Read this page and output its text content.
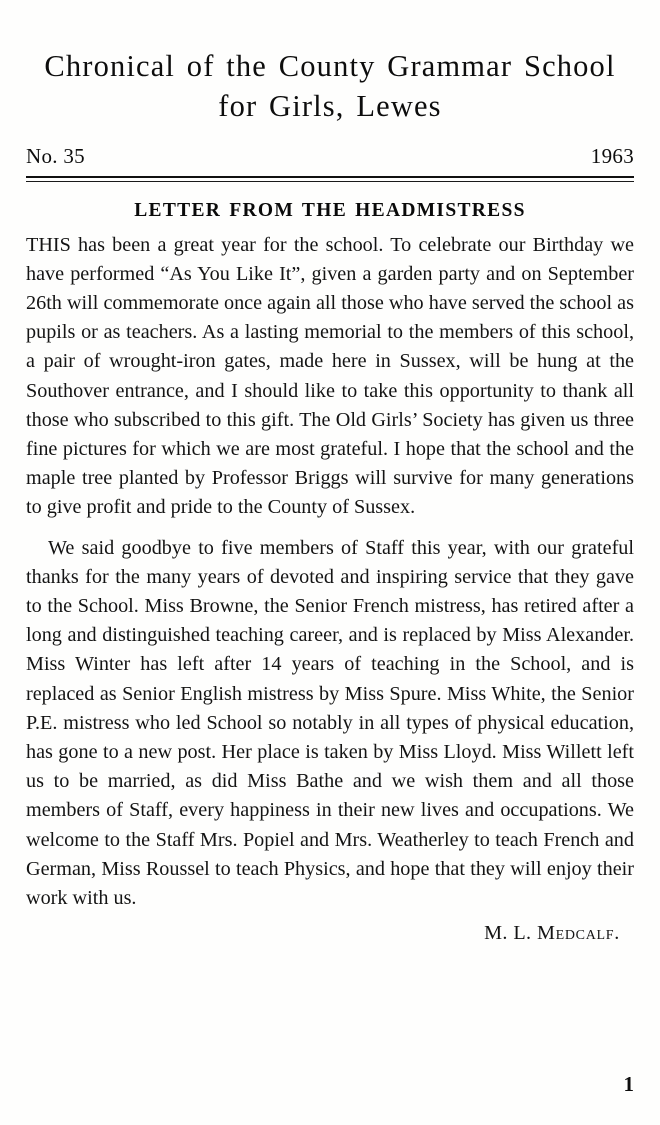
Chronical of the County Grammar School
for Girls, Lewes
No. 35	1963
LETTER FROM THE HEADMISTRESS

THIS has been a great year for the school. To celebrate our Birthday we have performed “As You Like It”, given a garden party and on September 26th will commemorate once again all those who have served the school as pupils or as teachers. As a lasting memorial to the members of this school, a pair of wrought-iron gates, made here in Sussex, will be hung at the Southover entrance, and I should like to take this opportunity to thank all those who subscribed to this gift. The Old Girls’ Society has given us three fine pictures for which we are most grateful. I hope that the school and the maple tree planted by Professor Briggs will survive for many generations to give profit and pride to the County of Sussex.

We said goodbye to five members of Staff this year, with our grateful thanks for the many years of devoted and inspiring service that they gave to the School. Miss Browne, the Senior French mistress, has retired after a long and distinguished teaching career, and is replaced by Miss Alexander. Miss Winter has left after 14 years of teaching in the School, and is replaced as Senior English mistress by Miss Spure. Miss White, the Senior P.E. mistress who led School so notably in all types of physical education, has gone to a new post. Her place is taken by Miss Lloyd. Miss Willett left us to be married, as did Miss Bathe and we wish them and all those members of Staff, every happiness in their new lives and occupations. We welcome to the Staff Mrs. Popiel and Mrs. Weatherley to teach French and German, Miss Roussel to teach Physics, and hope that they will enjoy their work with us.

M. L. Medcalf.
1
